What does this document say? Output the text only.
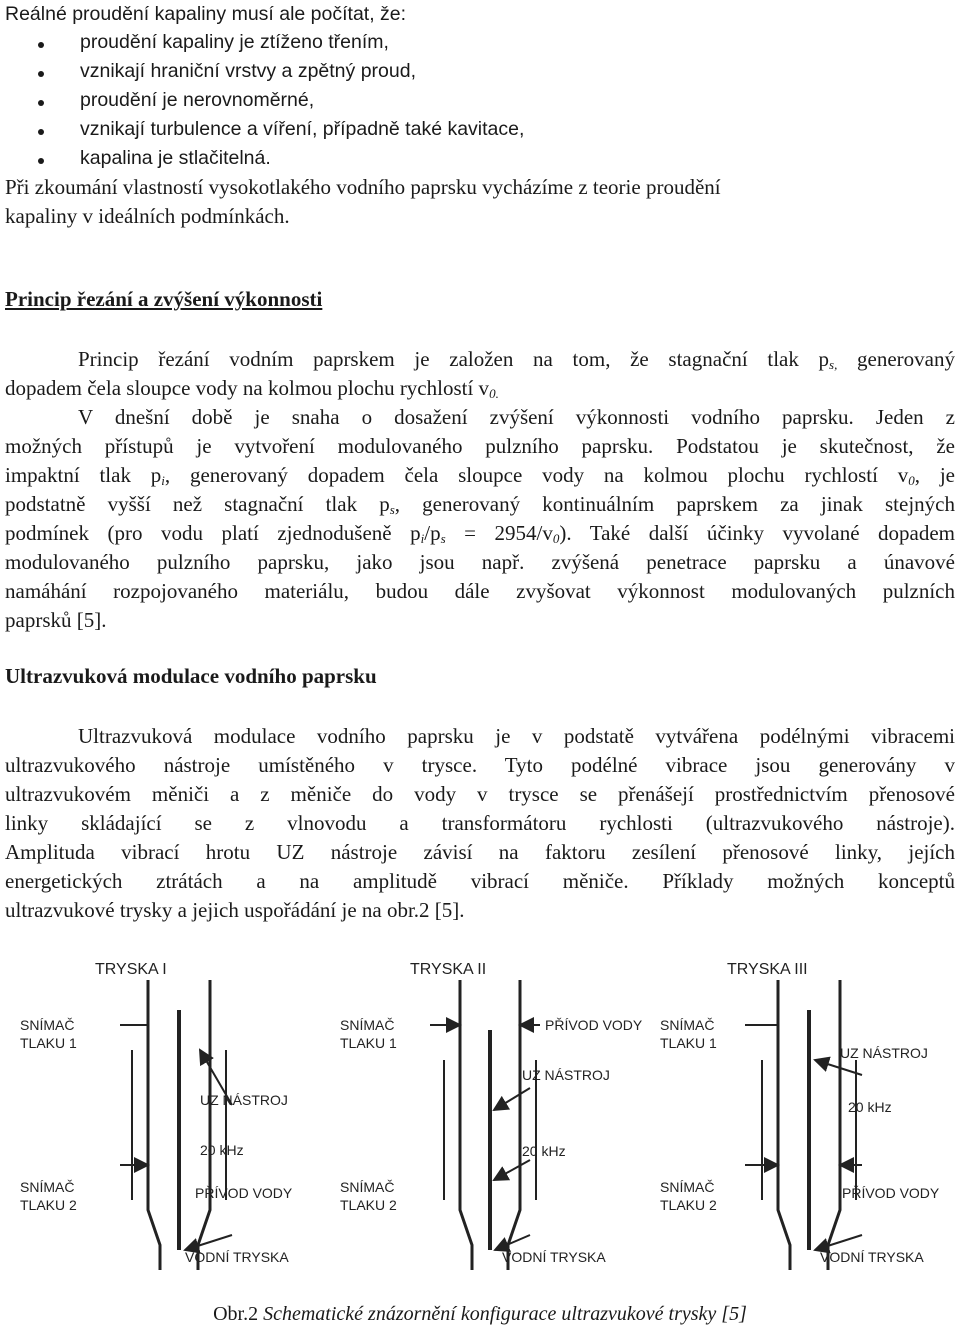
Reálné proudění kapaliny musí ale počítat, že:
proudění kapaliny je ztíženo třením,
vznikají hraniční vrstvy a zpětný proud,
proudění je nerovnoměrné,
vznikají turbulence a víření, případně také kavitace,
kapalina je stlačitelná.
Při zkoumání vlastností vysokotlakého vodního paprsku vycházíme z teorie proudění
kapaliny v ideálních podmínkách.
Princip řezání a zvýšení výkonnosti
Princip řezání vodním paprskem je založen na tom, že stagnační tlak $p_{s,}$ generovaný
dopadem čela sloupce vody na kolmou plochu rychlostí $v_{0.}$
V dnešní době je snaha o dosažení zvýšení výkonnosti vodního paprsku. Jeden z
možných přístupů je vytvoření modulovaného pulzního paprsku. Podstatou je skutečnost, že
impaktní tlak $p_i$, generovaný dopadem čela sloupce vody na kolmou plochu rychlostí $v_0$, je
podstatně vyšší než stagnační tlak $p_s$, generovaný kontinuálním paprskem za jinak stejných
podmínek (pro vodu platí zjednodušeně $p_i/p_s = 2954/v_0$). Také další účinky vyvolané dopadem
modulovaného pulzního paprsku, jako jsou např. zvýšená penetrace paprsku a únavové
namáhání rozpojovaného materiálu, budou dále zvyšovat výkonnost modulovaných pulzních
paprsků [5].
Ultrazvuková modulace vodního paprsku
Ultrazvuková modulace vodního paprsku je v podstatě vytvářena podélnými vibracemi
ultrazvukového nástroje umístěného v trysce. Tyto podélné vibrace jsou generovány v
ultrazvukovém měniči a z měniče do vody v trysce se přenášejí prostřednictvím přenosové
linky skládající se z vlnovodu a transformátoru rychlosti (ultrazvukového nástroje).
Amplituda vibrací hrotu UZ nástroje závisí na faktoru zesílení přenosové linky, jejích
energetických ztrátách a na amplitudě vibrací měniče. Příklady možných konceptů
ultrazvukové trysky a jejich uspořádání je na obr.2 [5].
TRYSKA I	TRYSKA II	TRYSKA III
SNÍMAČ
TLAKU 1
SNÍMAČ
TLAKU 2
UZ NÁSTROJ
20 kHz
PŘÍVOD VODY
VODNÍ TRYSKA
SNÍMAČ
TLAKU 1
SNÍMAČ
TLAKU 2
PŘÍVOD VODY
UZ NÁSTROJ
20 kHz
VODNÍ TRYSKA
SNÍMAČ
TLAKU 1
SNÍMAČ
TLAKU 2
UZ NÁSTROJ
20 kHz
PŘÍVOD VODY
VODNÍ TRYSKA
Obr.2 Schematické znázornění konfigurace ultrazvukové trysky [5]
